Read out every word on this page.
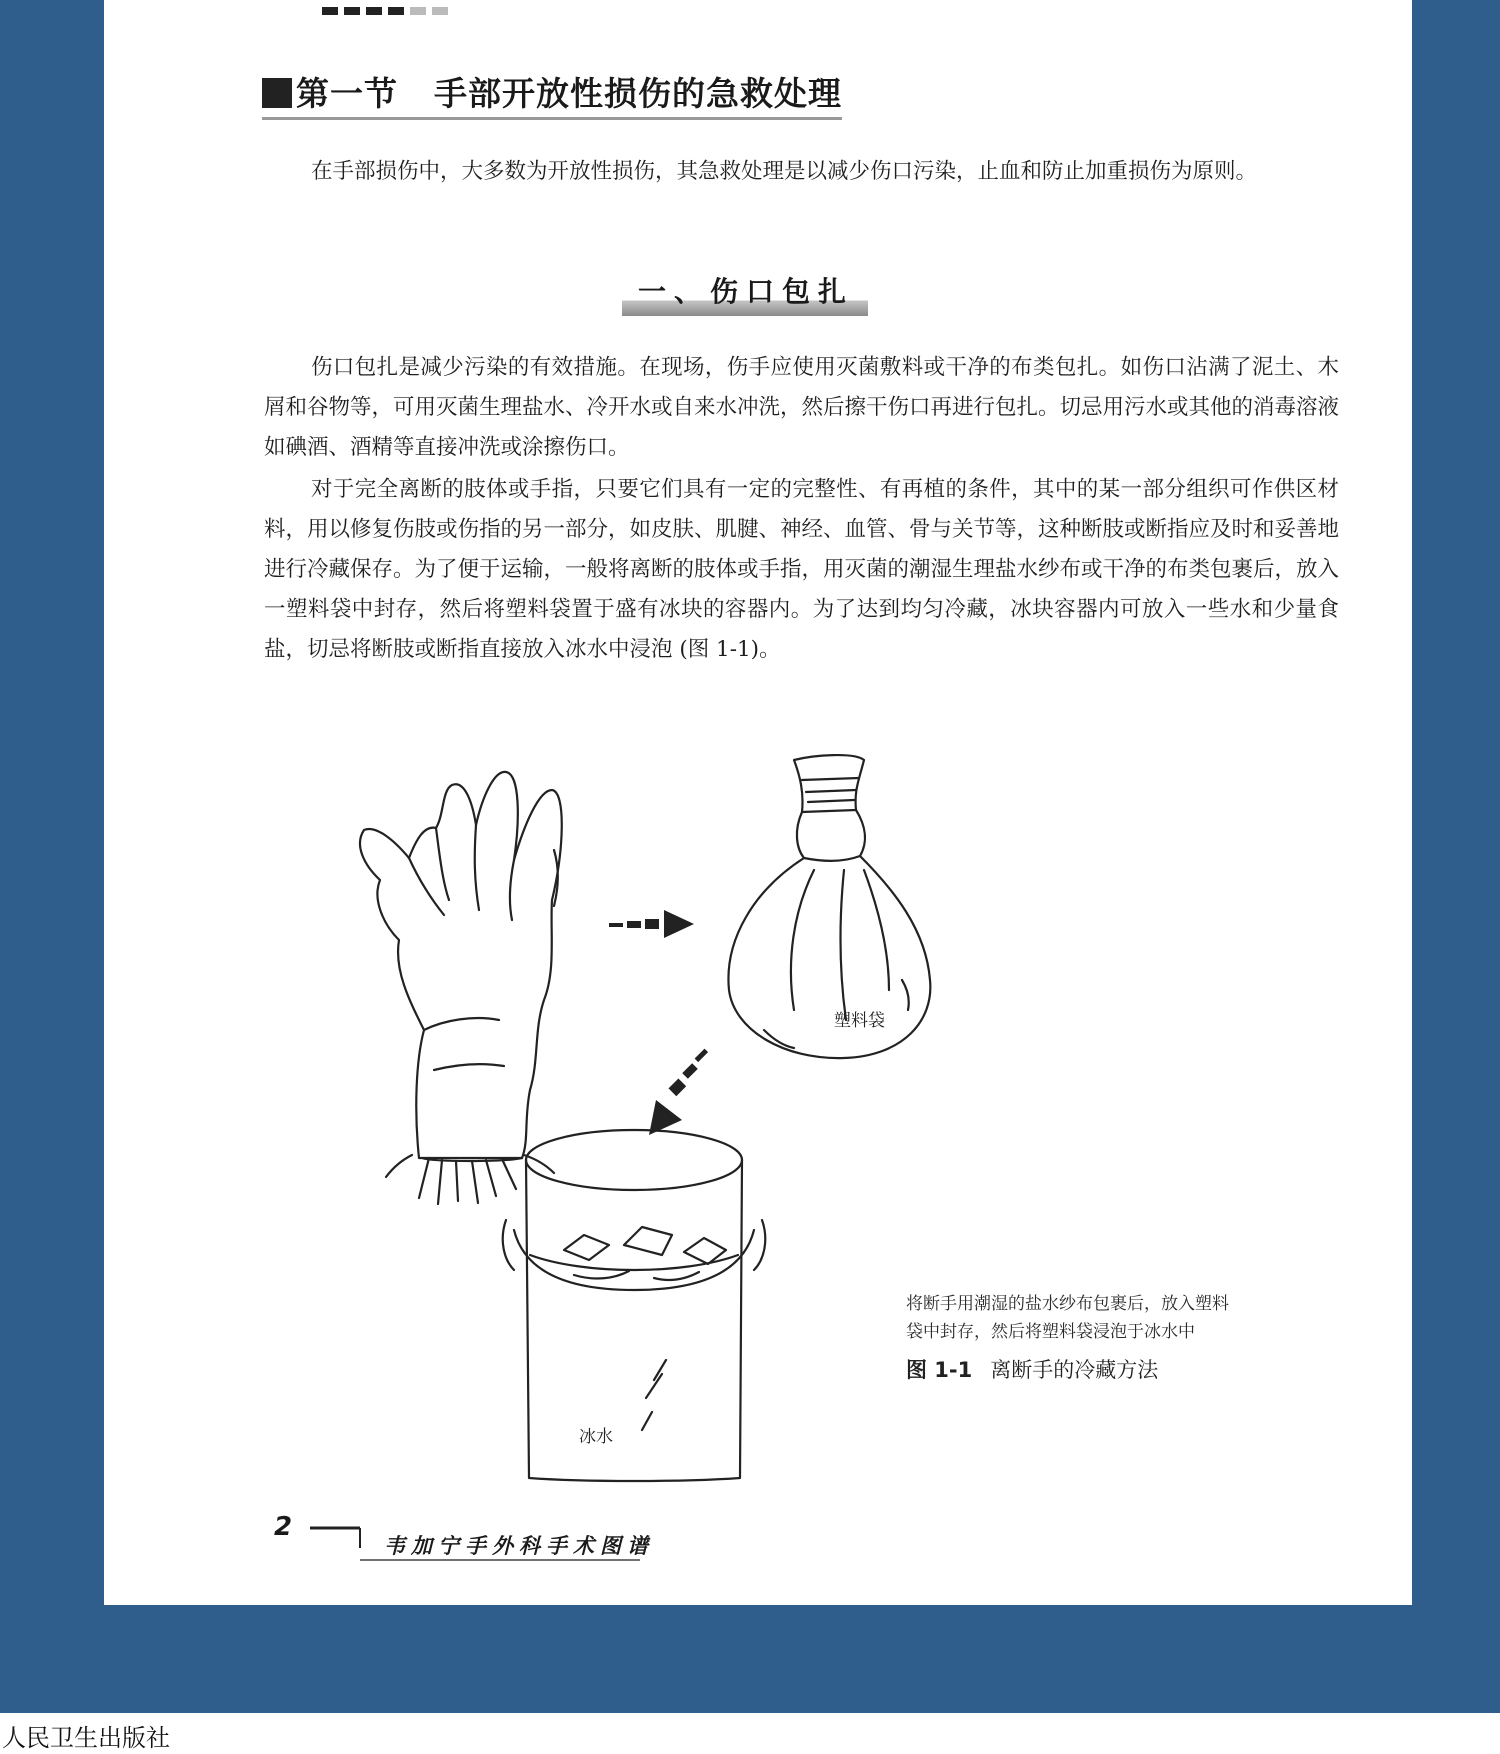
第一节 手部开放性损伤的急救处理

在手部损伤中，大多数为开放性损伤，其急救处理是以减少伤口污染，止血和防止加重损伤为原则。

一、伤口包扎

伤口包扎是减少污染的有效措施。在现场，伤手应使用灭菌敷料或干净的布类包扎。如伤口沾满了泥土、木屑和谷物等，可用灭菌生理盐水、冷开水或自来水冲洗，然后擦干伤口再进行包扎。切忌用污水或其他的消毒溶液如碘酒、酒精等直接冲洗或涂擦伤口。

对于完全离断的肢体或手指，只要它们具有一定的完整性、有再植的条件，其中的某一部分组织可作供区材料，用以修复伤肢或伤指的另一部分，如皮肤、肌腱、神经、血管、骨与关节等，这种断肢或断指应及时和妥善地进行冷藏保存。为了便于运输，一般将离断的肢体或手指，用灭菌的潮湿生理盐水纱布或干净的布类包裹后，放入一塑料袋中封存，然后将塑料袋置于盛有冰块的容器内。为了达到均匀冷藏，冰块容器内可放入一些水和少量食盐，切忌将断肢或断指直接放入冰水中浸泡 (图 1-1)。

塑料袋
冰水
将断手用潮湿的盐水纱布包裹后，放入塑料
袋中封存，然后将塑料袋浸泡于冰水中

图 1-1 离断手的冷藏方法

2
韦加宁手外科手术图谱
人民卫生出版社
